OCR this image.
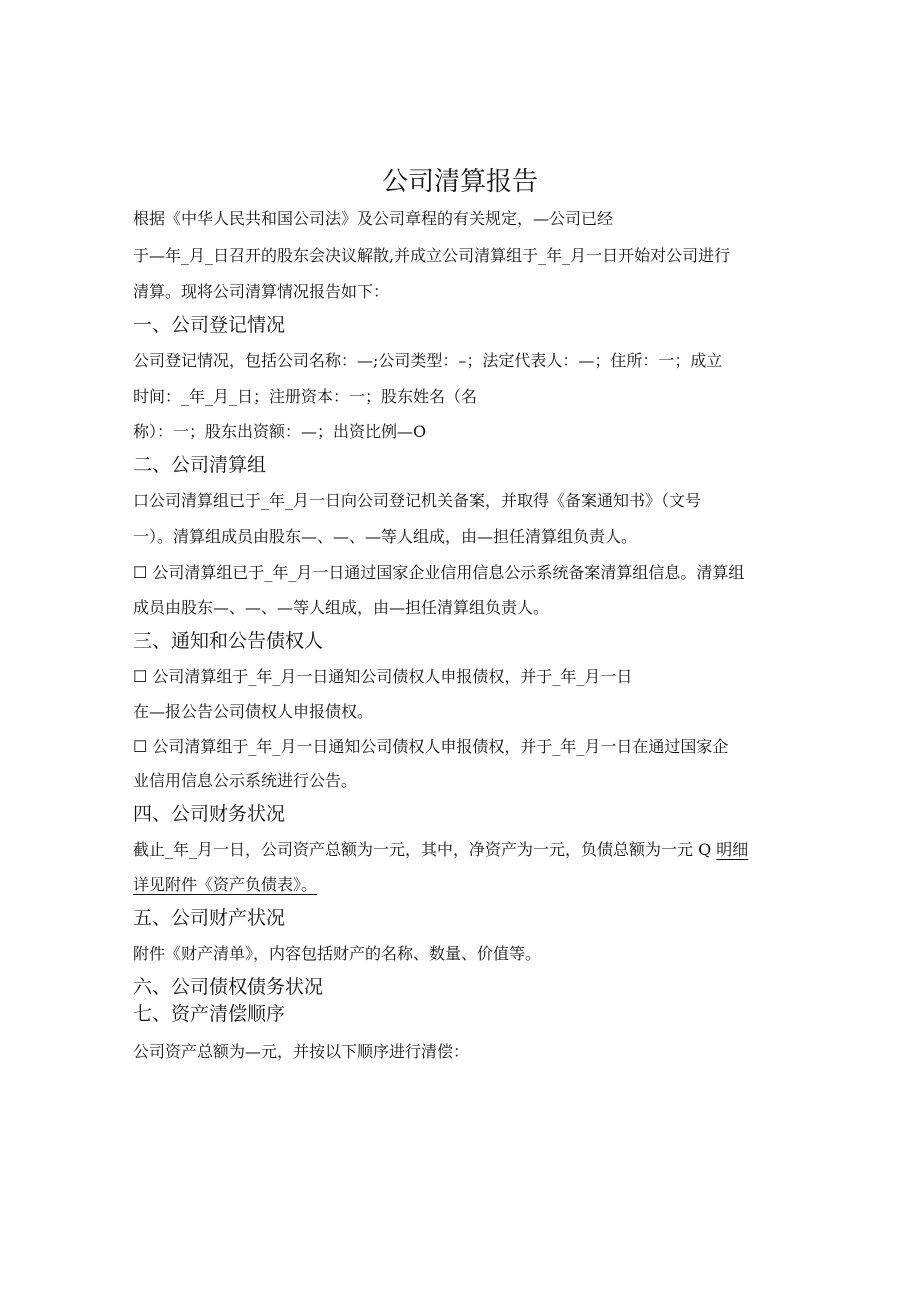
公司清算报告
根据《中华人民共和国公司法》及公司章程的有关规定，—公司已经
于—年_月_日召开的股东会决议解散,并成立公司清算组于_年_月一日开始对公司进行
清算。现将公司清算情况报告如下：
一、公司登记情况
公司登记情况，包括公司名称：—;公司类型：–；法定代表人：—；住所：一；成立
时间：_年_月_日；注册资本：一；股东姓名（名
称）：一；股东出资额：—；出资比例—O
二、公司清算组
口公司清算组已于_年_月一日向公司登记机关备案，并取得《备案通知书》（文号
一）。清算组成员由股东—、—、—等人组成，由—担任清算组负责人。
☐ 公司清算组已于_年_月一日通过国家企业信用信息公示系统备案清算组信息。清算组
成员由股东—、—、—等人组成，由—担任清算组负责人。
三、通知和公告债权人
☐ 公司清算组于_年_月一日通知公司债权人申报债权，并于_年_月一日
在—报公告公司债权人申报债权。
☐ 公司清算组于_年_月一日通知公司债权人申报债权，并于_年_月一日在通过国家企
业信用信息公示系统进行公告。
四、公司财务状况
截止_年_月一日，公司资产总额为一元，其中，净资产为一元，负债总额为一元 Q 明细
详见附件《资产负债表》。
五、公司财产状况
附件《财产清单》，内容包括财产的名称、数量、价值等。
六、公司债权债务状况
七、资产清偿顺序
公司资产总额为—元，并按以下顺序进行清偿：
